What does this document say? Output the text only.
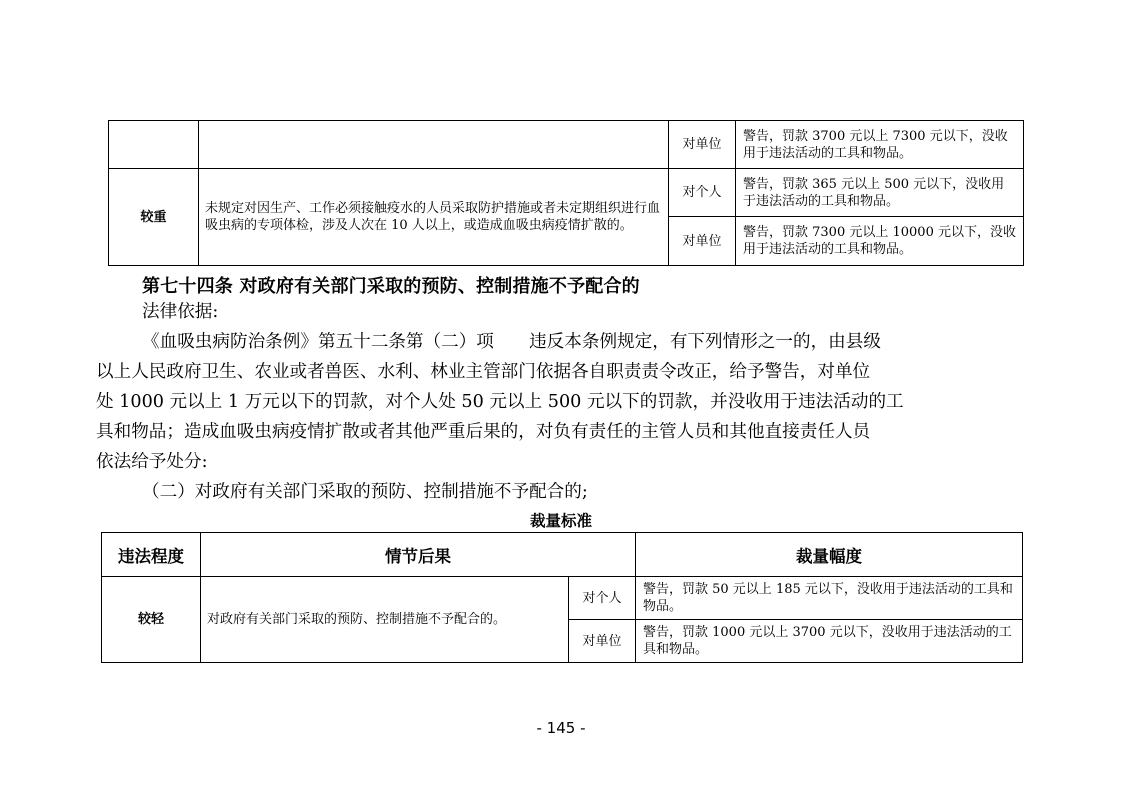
		对单位	警告，罚款 3700 元以上 7300 元以下，没收用于违法活动的工具和物品。
较重	未规定对因生产、工作必须接触疫水的人员采取防护措施或者未定期组织进行血吸虫病的专项体检，涉及人次在 10 人以上，或造成血吸虫病疫情扩散的。	对个人	警告，罚款 365 元以上 500 元以下，没收用于违法活动的工具和物品。
		对单位	警告，罚款 7300 元以上 10000 元以下，没收用于违法活动的工具和物品。
第七十四条 对政府有关部门采取的预防、控制措施不予配合的
法律依据:
《血吸虫病防治条例》第五十二条第（二）项　　违反本条例规定，有下列情形之一的，由县级
以上人民政府卫生、农业或者兽医、水利、林业主管部门依据各自职责责令改正，给予警告，对单位
处 1000 元以上 1 万元以下的罚款，对个人处 50 元以上 500 元以下的罚款，并没收用于违法活动的工
具和物品；造成血吸虫病疫情扩散或者其他严重后果的，对负有责任的主管人员和其他直接责任人员
依法给予处分:
（二）对政府有关部门采取的预防、控制措施不予配合的;
裁量标准
违法程度	情节后果		裁量幅度
较轻	对政府有关部门采取的预防、控制措施不予配合的。	对个人	警告，罚款 50 元以上 185 元以下，没收用于违法活动的工具和物品。
		对单位	警告，罚款 1000 元以上 3700 元以下，没收用于违法活动的工具和物品。
- 145 -
